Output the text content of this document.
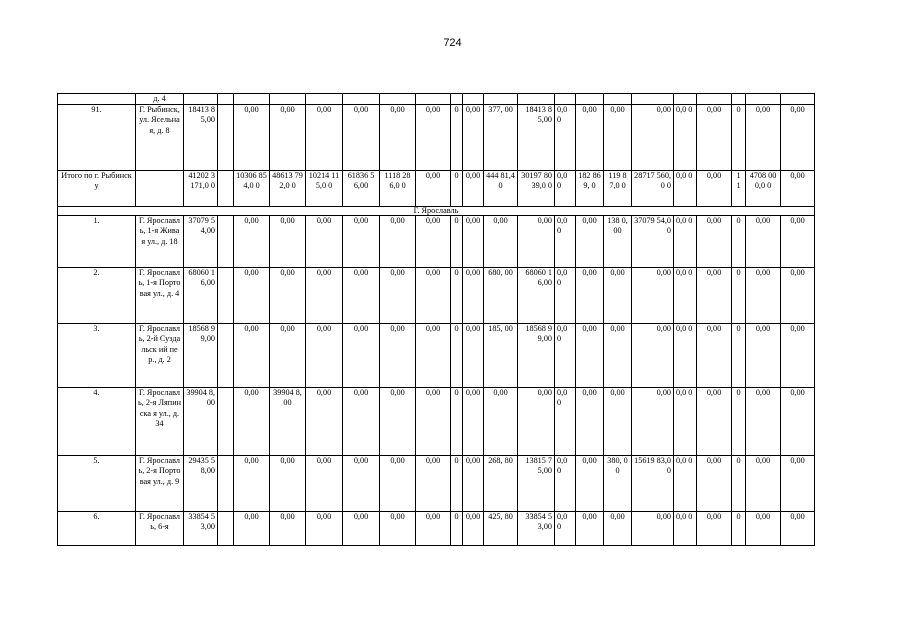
724
	д. 4																					
91.	Г. Рыбинск, ул. Ясельная, д. 8	18413 85,00		0,00	0,00	0,00	0,00	0,00	0,00	0	0,00	377, 00	18413 85,00	0,0 0	0,00	0,00	0,00	0,0 0	0,00	0	0,00	0,00
Итого по г. Рыбинску		41202 3171,0 0		10306 854,0 0	48613 792,0 0	10214 115,0 0	61836 56,00	1118 286,0 0	0,00	0	0,00	444 81,4 0	30197 8039,0 0	0,0 0	182 869, 0	119 87,0 0	28717 560,0 0	0,0 0	0,00	1 1	4708 000,0 0	0,00
Г. Ярославль																						
1.	Г. Ярославл ь, 1-я Живая ул., д. 18	37079 54,00		0,00	0,00	0,00	0,00	0,00	0,00	0	0,00	0,00	0,00	0,0 0	0,00	138 0,00	37079 54,00	0,0 0	0,00	0	0,00	0,00
2.	Г. Ярославл ь, 1-я Портовая ул., д. 4	68060 16,00		0,00	0,00	0,00	0,00	0,00	0,00	0	0,00	680, 00	68060 16,00	0,0 0	0,00	0,00	0,00	0,0 0	0,00	0	0,00	0,00
3.	Г. Ярославл ь, 2-й Суздальск ий пер., д. 2	18568 99,00		0,00	0,00	0,00	0,00	0,00	0,00	0	0,00	185, 00	18568 99,00	0,0 0	0,00	0,00	0,00	0,0 0	0,00	0	0,00	0,00
4.	Г. Ярославл ь, 2-я Ляпинска я ул., д. 34	39904 8,00		0,00	39904 8,00	0,00	0,00	0,00	0,00	0	0,00	0,00	0,00	0,0 0	0,00	0,00	0,00	0,0 0	0,00	0	0,00	0,00
5.	Г. Ярославл ь, 2-я Портовая ул., д. 9	29435 58,00		0,00	0,00	0,00	0,00	0,00	0,00	0	0,00	268, 80	13815 75,00	0,0 0	0,00	380, 00	15619 83,00	0,0 0	0,00	0	0,00	0,00
6.	Г. Ярославл ь, 6-я	33854 53,00		0,00	0,00	0,00	0,00	0,00	0,00	0	0,00	425, 80	33854 53,00	0,0 0	0,00	0,00	0,00	0,0 0	0,00	0	0,00	0,00
